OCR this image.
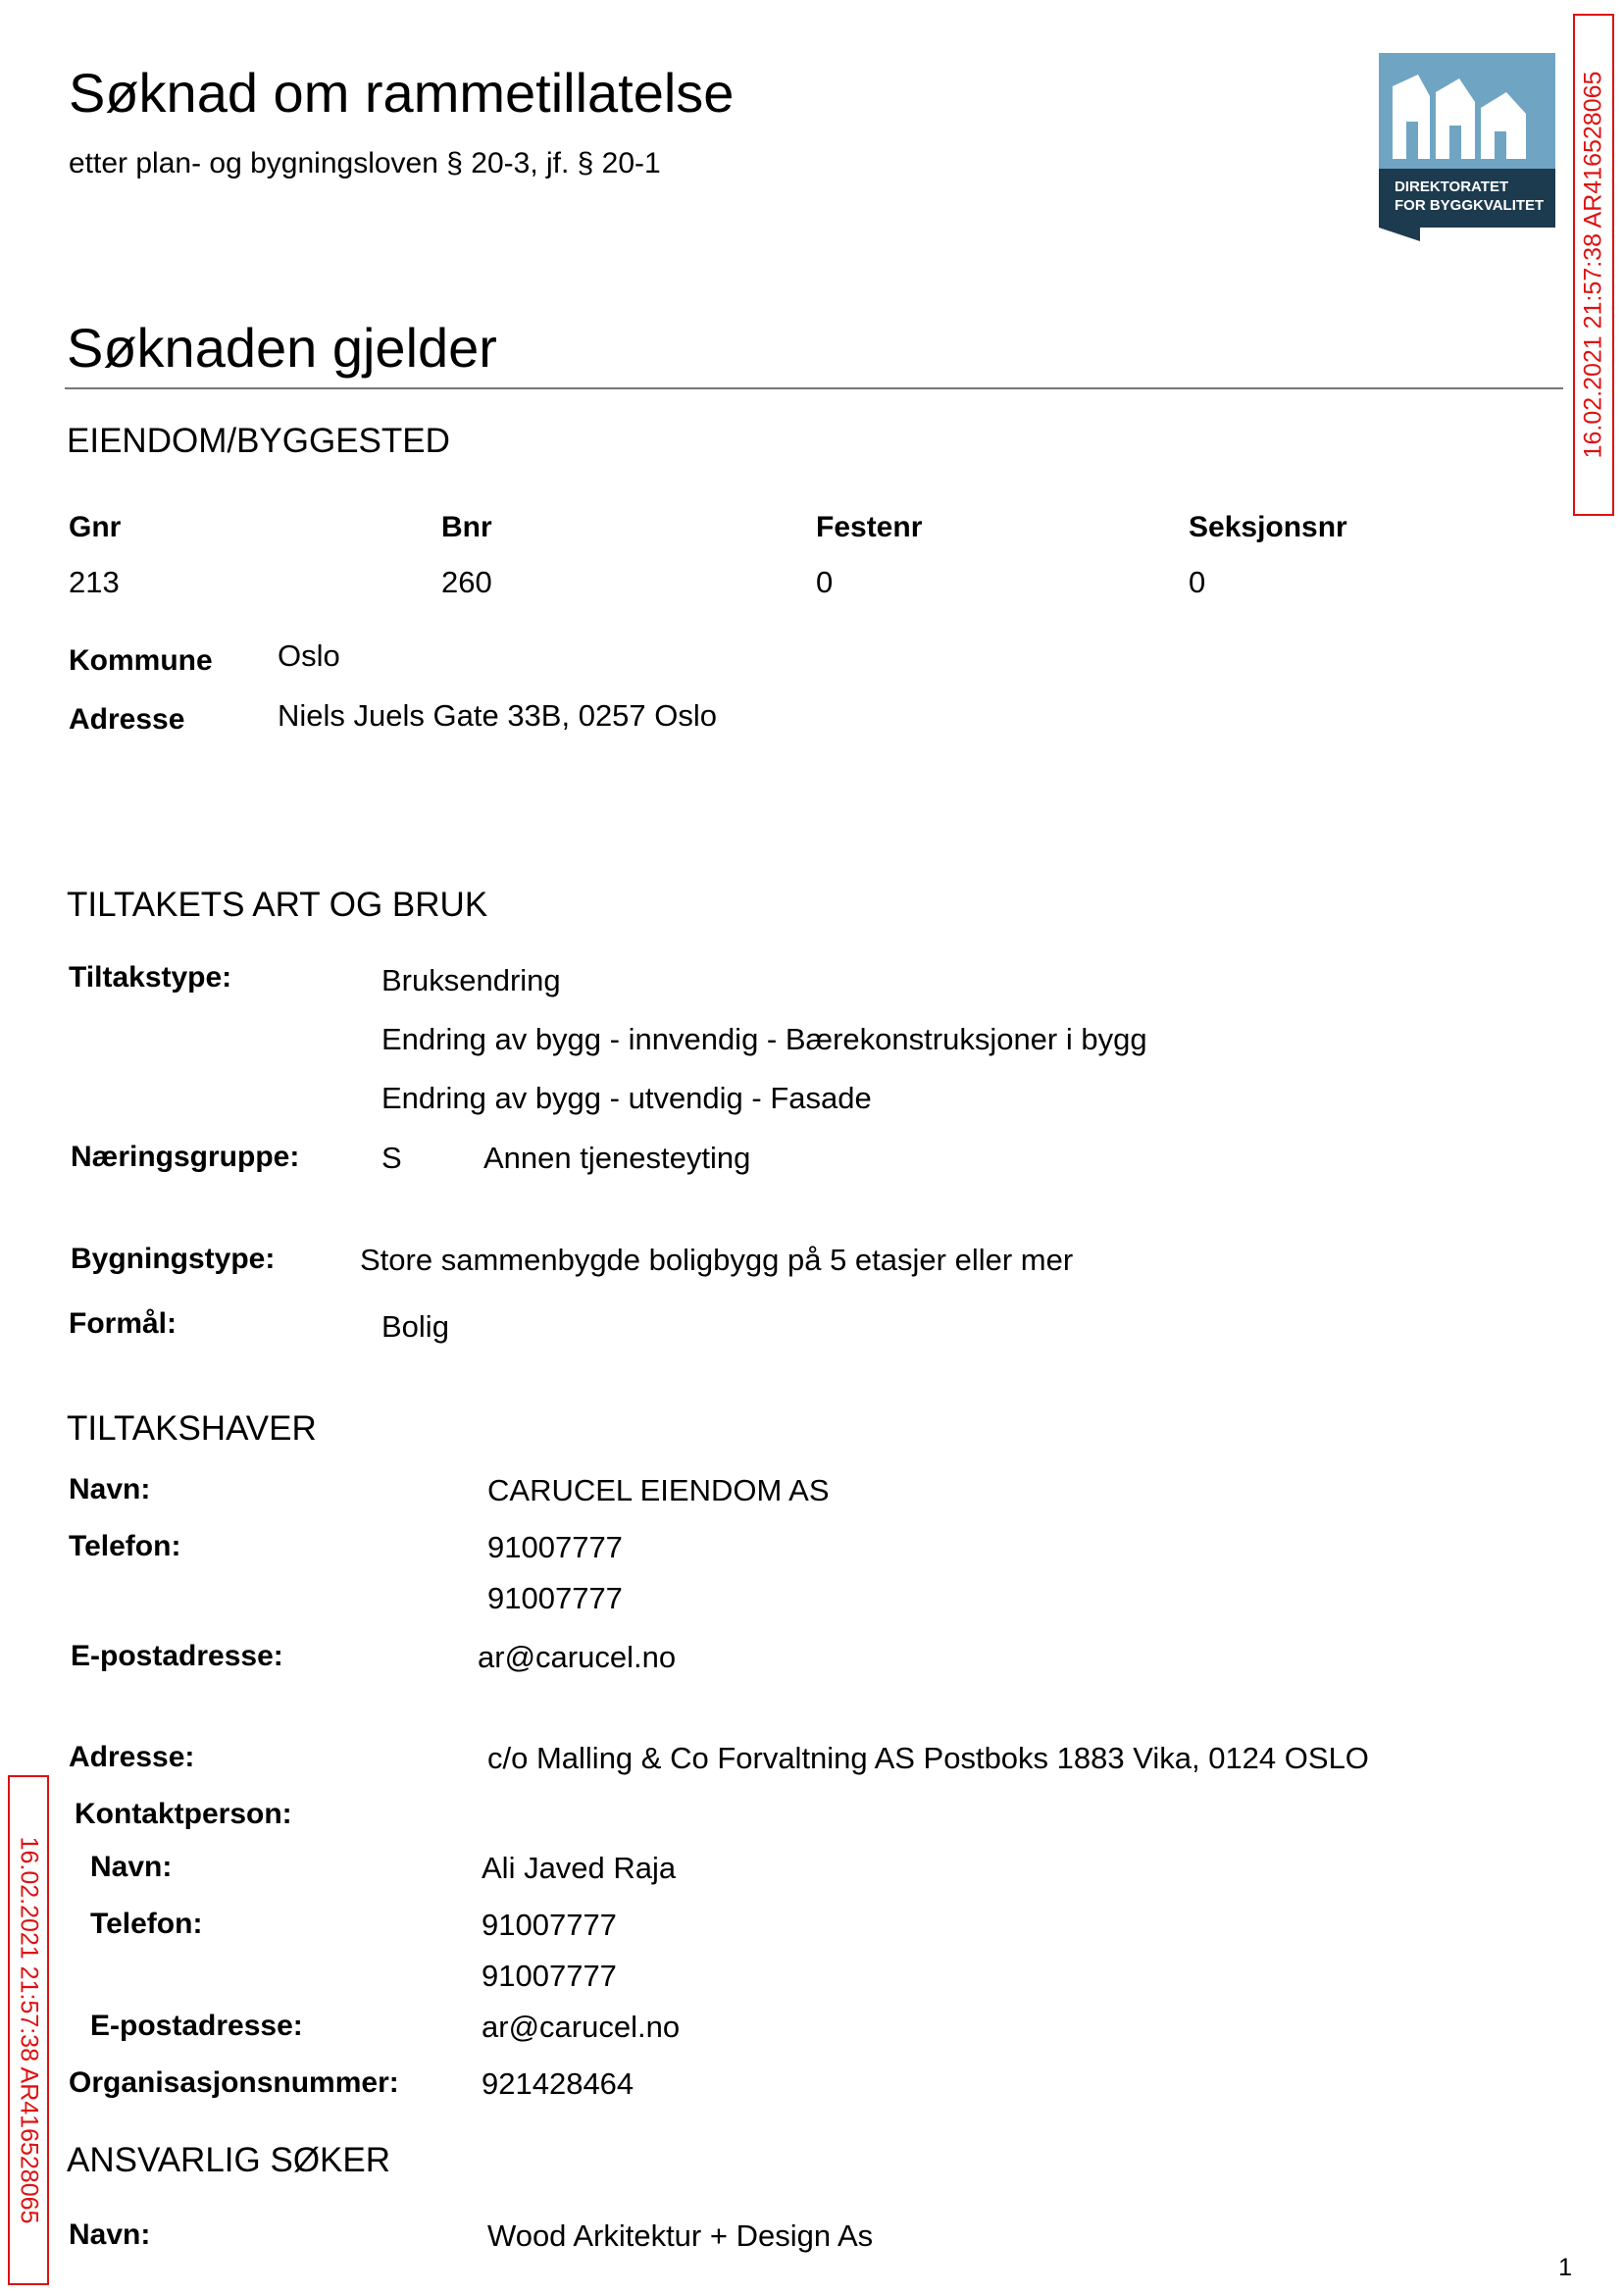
Søknad om rammetillatelse
etter plan- og bygningsloven § 20-3, jf. § 20-1
DIREKTORATET
FOR BYGGKVALITET 16.02.2021 21:57:38 AR416528065
16.02.2021 21:57:38 AR416528065
Søknaden gjelder
EIENDOM/BYGGESTED
Gnr	Bnr	Festenr	Seksjonsnr
213	260	0	0
Kommune Oslo
Adresse	Niels Juels Gate 33B, 0257 Oslo
TILTAKETS ART OG BRUK
Tiltakstype:	Bruksendring
Endring av bygg - innvendig - Bærekonstruksjoner i bygg
Endring av bygg - utvendig - Fasade
Næringsgruppe:	S	Annen tjenesteyting
Bygningstype:	Store sammenbygde boligbygg på 5 etasjer eller mer
Formål:	Bolig
TILTAKSHAVER
Navn:	CARUCEL EIENDOM AS
Telefon:	91007777
91007777
E-postadresse:	ar@carucel.no
Adresse:	c/o Malling & Co Forvaltning AS Postboks 1883 Vika, 0124 OSLO
Kontaktperson:
Navn:	Ali Javed Raja
Telefon:	91007777
91007777
E-postadresse:	ar@carucel.no
Organisasjonsnummer:	921428464
ANSVARLIG SØKER
Navn:	Wood Arkitektur + Design As
1
